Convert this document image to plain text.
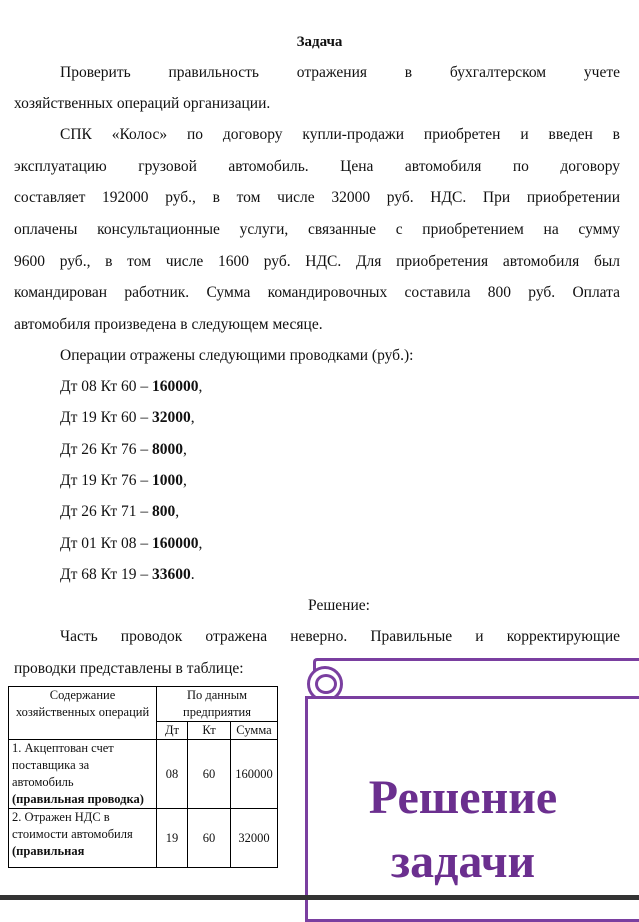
Задача
Проверить правильность отражения в бухгалтерском учете
хозяйственных операций организации.
СПК «Колос» по договору купли-продажи приобретен и введен в
эксплуатацию грузовой автомобиль. Цена автомобиля по договору
составляет 192000 руб., в том числе 32000 руб. НДС. При приобретении
оплачены консультационные услуги, связанные с приобретением на сумму
9600 руб., в том числе 1600 руб. НДС. Для приобретения автомобиля был
командирован работник. Сумма командировочных составила 800 руб. Оплата
автомобиля произведена в следующем месяце.
Операции отражены следующими проводками (руб.):
Дт 08 Кт 60 – 160000,
Дт 19 Кт 60 – 32000,
Дт 26 Кт 76 – 8000,
Дт 19 Кт 76 – 1000,
Дт 26 Кт 71 – 800,
Дт 01 Кт 08 – 160000,
Дт 68 Кт 19 – 33600.
Решение:
Часть проводок отражена неверно. Правильные и корректирующие
проводки представлены в таблице:
Содержание хозяйственных операций	По данным предприятия		
	Дт	Кт	Сумма
1. Акцептован счет поставщика за автомобиль
(правильная проводка)	08	60	160000
2. Отражен НДС в стоимости автомобиля
(правильная	19	60	32000
Решение
задачи
